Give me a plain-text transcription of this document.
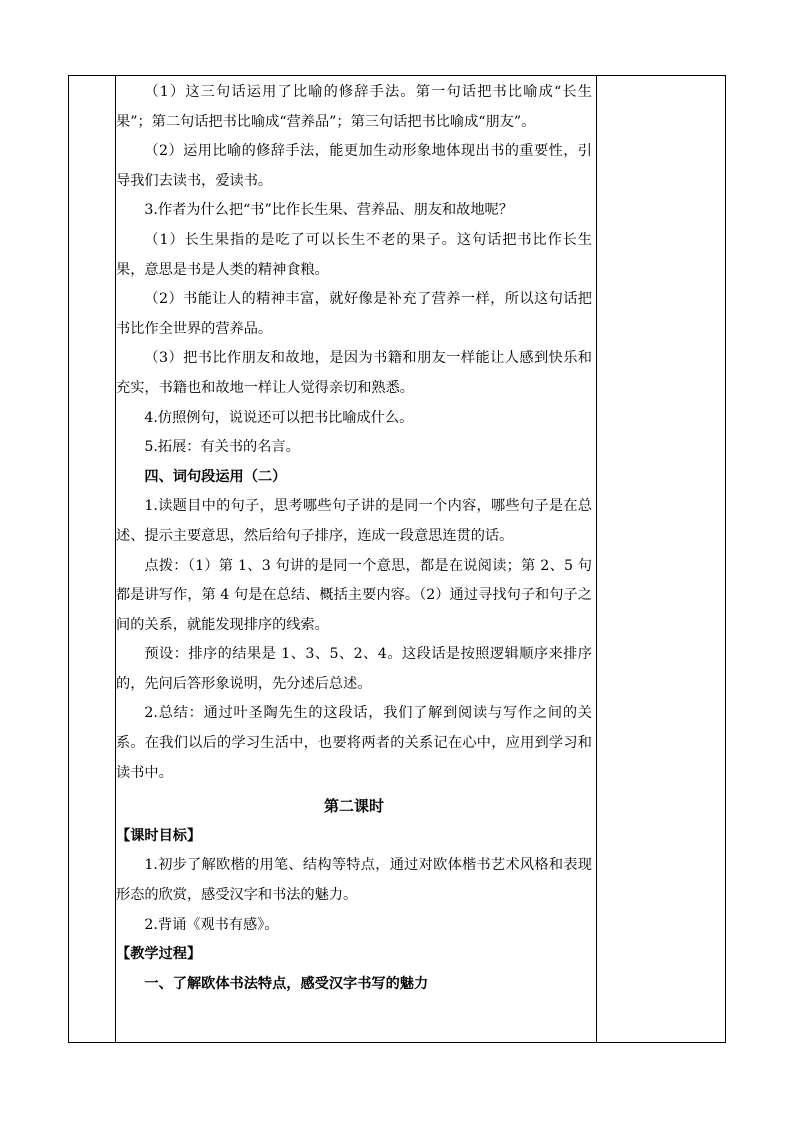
（1）这三句话运用了比喻的修辞手法。第一句话把书比喻成“长生果”；第二句话把书比喻成“营养品”；第三句话把书比喻成“朋友”。

（2）运用比喻的修辞手法，能更加生动形象地体现出书的重要性，引导我们去读书，爱读书。

3.作者为什么把“书”比作长生果、营养品、朋友和故地呢？

（1）长生果指的是吃了可以长生不老的果子。这句话把书比作长生果，意思是书是人类的精神食粮。

（2）书能让人的精神丰富，就好像是补充了营养一样，所以这句话把书比作全世界的营养品。

（3）把书比作朋友和故地，是因为书籍和朋友一样能让人感到快乐和充实，书籍也和故地一样让人觉得亲切和熟悉。

4.仿照例句，说说还可以把书比喻成什么。

5.拓展：有关书的名言。

四、词句段运用（二）

1.读题目中的句子，思考哪些句子讲的是同一个内容，哪些句子是在总述、提示主要意思，然后给句子排序，连成一段意思连贯的话。

点拨：（1）第 1、3 句讲的是同一个意思，都是在说阅读；第 2、5 句都是讲写作，第 4 句是在总结、概括主要内容。（2）通过寻找句子和句子之间的关系，就能发现排序的线索。

预设：排序的结果是 1、3、5、2、4。这段话是按照逻辑顺序来排序的，先问后答形象说明，先分述后总述。

2.总结：通过叶圣陶先生的这段话，我们了解到阅读与写作之间的关系。在我们以后的学习生活中，也要将两者的关系记在心中，应用到学习和读书中。

第二课时

【课时目标】

1.初步了解欧楷的用笔、结构等特点，通过对欧体楷书艺术风格和表现形态的欣赏，感受汉字和书法的魅力。

2.背诵《观书有感》。

【教学过程】

一、了解欧体书法特点，感受汉字书写的魅力
